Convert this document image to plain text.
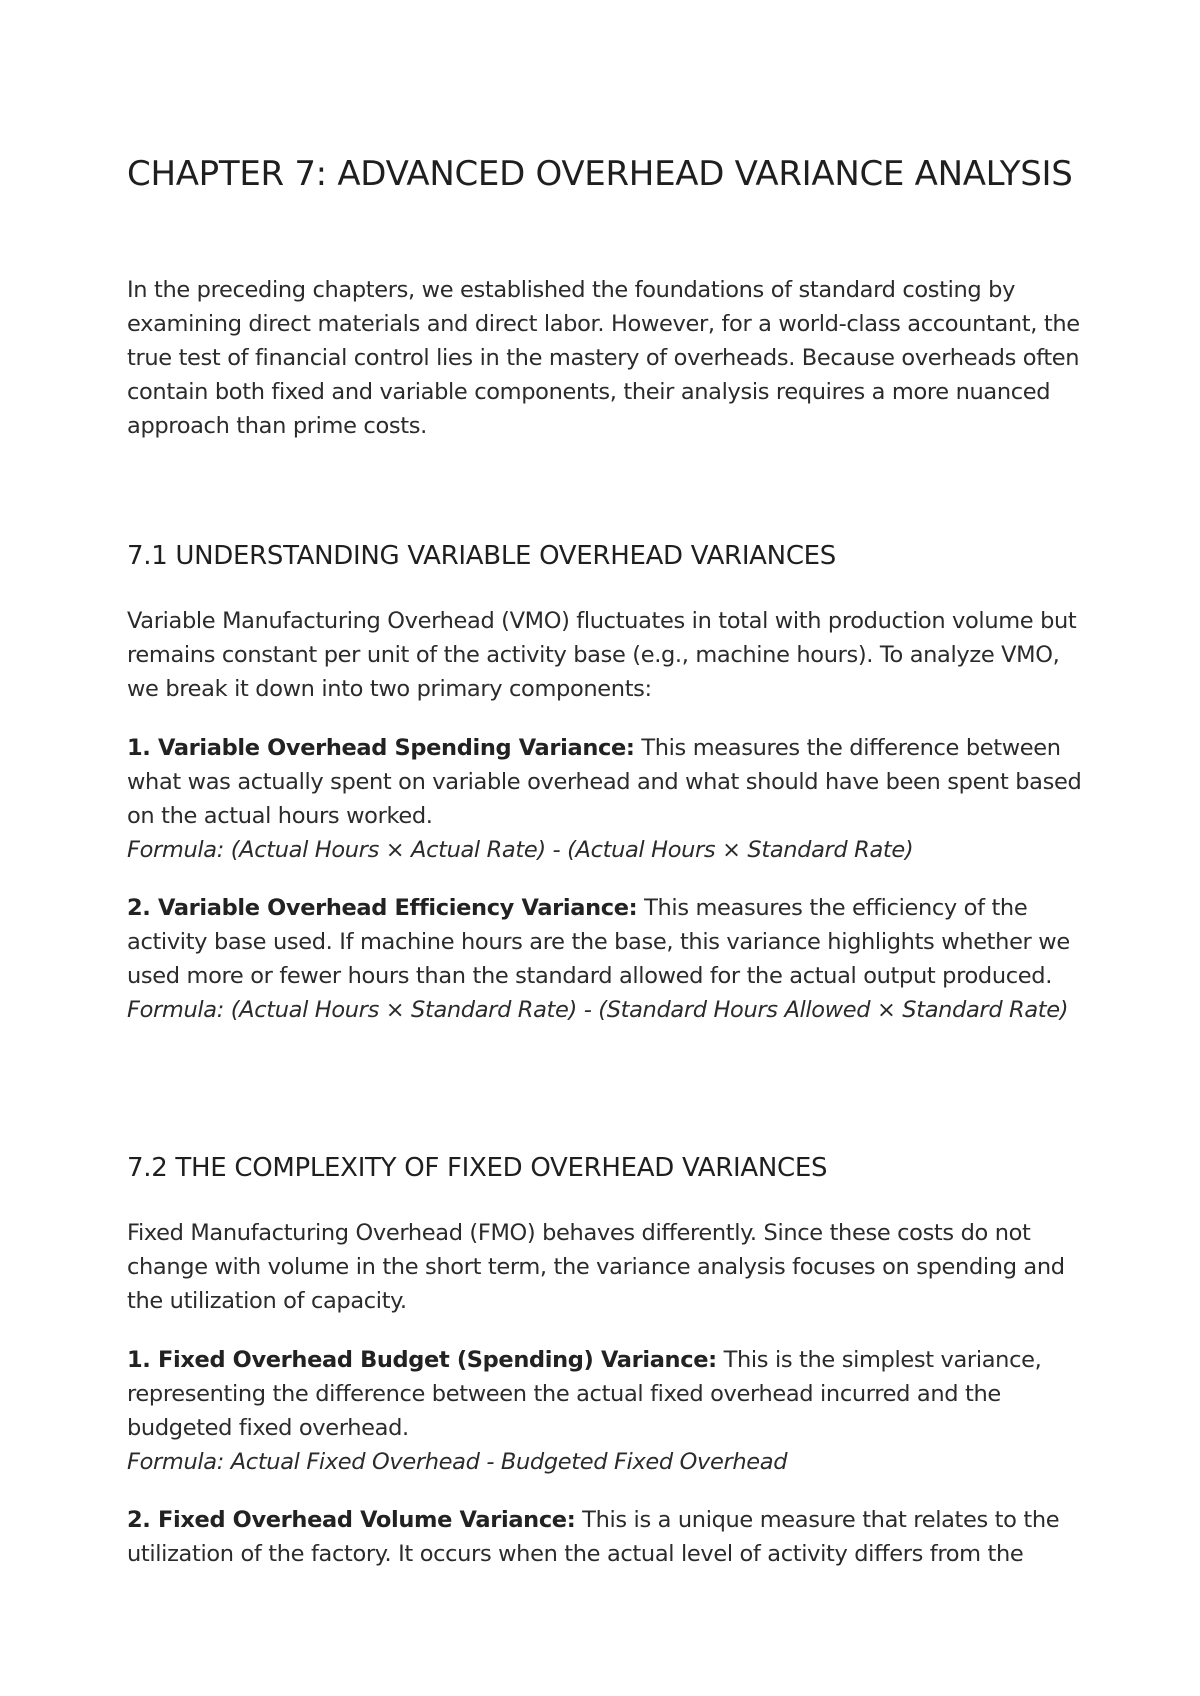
CHAPTER 7: ADVANCED OVERHEAD VARIANCE ANALYSIS

In the preceding chapters, we established the foundations of standard costing by examining direct materials and direct labor. However, for a world-class accountant, the true test of financial control lies in the mastery of overheads. Because overheads often contain both fixed and variable components, their analysis requires a more nuanced approach than prime costs.

7.1 UNDERSTANDING VARIABLE OVERHEAD VARIANCES

Variable Manufacturing Overhead (VMO) fluctuates in total with production volume but remains constant per unit of the activity base (e.g., machine hours). To analyze VMO, we break it down into two primary components:

1. Variable Overhead Spending Variance: This measures the difference between what was actually spent on variable overhead and what should have been spent based on the actual hours worked.
Formula: (Actual Hours × Actual Rate) - (Actual Hours × Standard Rate)

2. Variable Overhead Efficiency Variance: This measures the efficiency of the activity base used. If machine hours are the base, this variance highlights whether we used more or fewer hours than the standard allowed for the actual output produced.
Formula: (Actual Hours × Standard Rate) - (Standard Hours Allowed × Standard Rate)

7.2 THE COMPLEXITY OF FIXED OVERHEAD VARIANCES

Fixed Manufacturing Overhead (FMO) behaves differently. Since these costs do not change with volume in the short term, the variance analysis focuses on spending and the utilization of capacity.

1. Fixed Overhead Budget (Spending) Variance: This is the simplest variance, representing the difference between the actual fixed overhead incurred and the budgeted fixed overhead.
Formula: Actual Fixed Overhead - Budgeted Fixed Overhead

2. Fixed Overhead Volume Variance: This is a unique measure that relates to the utilization of the factory. It occurs when the actual level of activity differs from the
